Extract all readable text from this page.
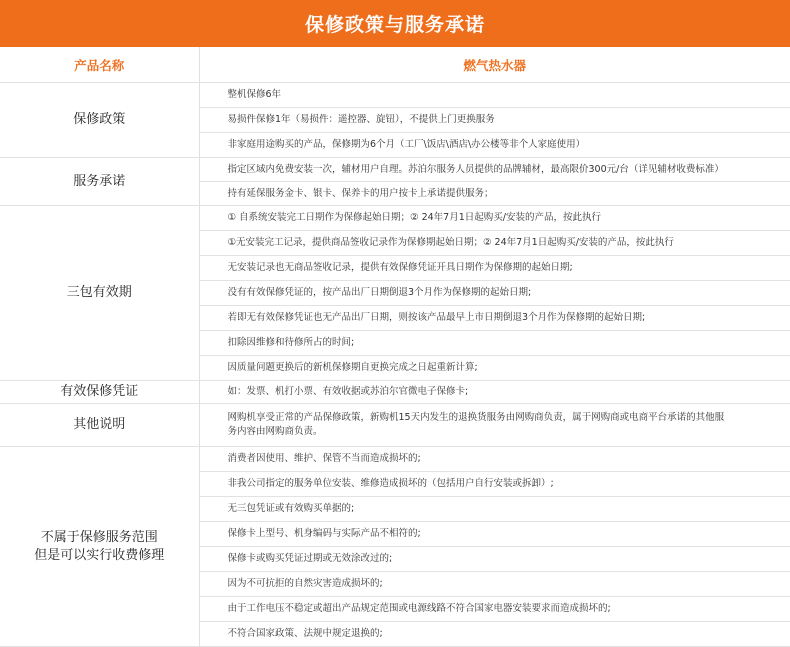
保修政策与服务承诺
产品名称	燃气热水器
保修政策	整机保修6年
	易损件保修1年（易损件：遥控器、旋钮），不提供上门更换服务
	非家庭用途购买的产品，保修期为6个月（工厂\饭店\酒店\办公楼等非个人家庭使用）
服务承诺	指定区域内免费安装一次，辅材用户自理。苏泊尔服务人员提供的品牌辅材，最高限价300元/台（详见辅材收费标准）
	持有延保服务金卡、银卡、保养卡的用户按卡上承诺提供服务；
三包有效期	① 自系统安装完工日期作为保修起始日期；② 24年7月1日起购买/安装的产品，按此执行
	①无安装完工记录，提供商品签收记录作为保修期起始日期；② 24年7月1日起购买/安装的产品，按此执行
	无安装记录也无商品签收记录，提供有效保修凭证开具日期作为保修期的起始日期;
	没有有效保修凭证的，按产品出厂日期倒退3个月作为保修期的起始日期;
	若即无有效保修凭证也无产品出厂日期，则按该产品最早上市日期倒退3个月作为保修期的起始日期;
	扣除因维修和待修所占的时间;
	因质量问题更换后的新机保修期自更换完成之日起重新计算;
有效保修凭证	如：发票、机打小票、有效收据或苏泊尔官微电子保修卡;
其他说明	网购机享受正常的产品保修政策，新购机15天内发生的退换货服务由网购商负责，属于网购商或电商平台承诺的其他服务内容由网购商负责。

不属于保修服务范围
但是可以实行收费修理	消费者因使用、维护、保管不当而造成损坏的;
	非我公司指定的服务单位安装、维修造成损坏的（包括用户自行安装或拆卸）;
	无三包凭证或有效购买单据的;
	保修卡上型号、机身编码与实际产品不相符的;
	保修卡或购买凭证过期或无效涂改过的;
	因为不可抗拒的自然灾害造成损坏的;
	由于工作电压不稳定或超出产品规定范围或电源线路不符合国家电器安装要求而造成损坏的;
	不符合国家政策、法规中规定退换的;
